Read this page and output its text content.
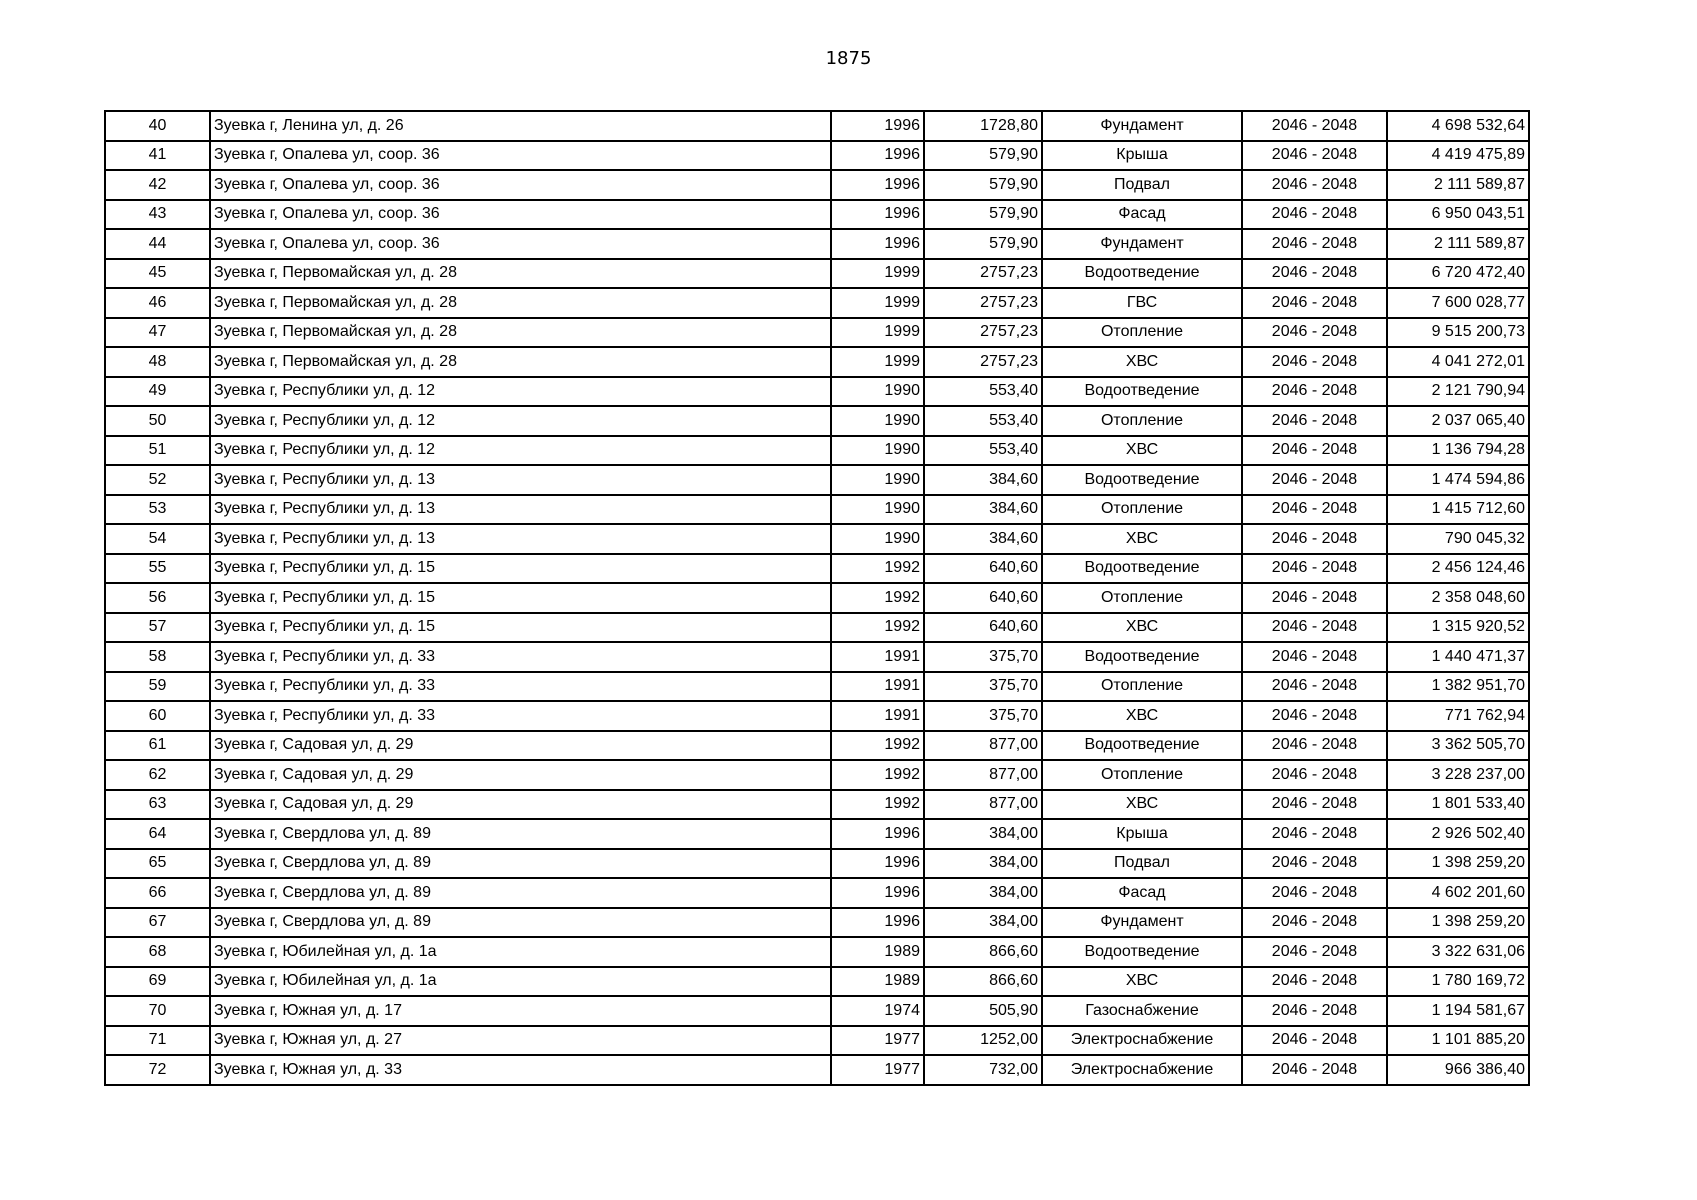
1875
40	Зуевка г, Ленина ул, д. 26	1996	1728,80	Фундамент	2046 - 2048	4 698 532,64
41	Зуевка г, Опалева ул, соор. 36	1996	579,90	Крыша	2046 - 2048	4 419 475,89
42	Зуевка г, Опалева ул, соор. 36	1996	579,90	Подвал	2046 - 2048	2 111 589,87
43	Зуевка г, Опалева ул, соор. 36	1996	579,90	Фасад	2046 - 2048	6 950 043,51
44	Зуевка г, Опалева ул, соор. 36	1996	579,90	Фундамент	2046 - 2048	2 111 589,87
45	Зуевка г, Первомайская ул, д. 28	1999	2757,23	Водоотведение	2046 - 2048	6 720 472,40
46	Зуевка г, Первомайская ул, д. 28	1999	2757,23	ГВС	2046 - 2048	7 600 028,77
47	Зуевка г, Первомайская ул, д. 28	1999	2757,23	Отопление	2046 - 2048	9 515 200,73
48	Зуевка г, Первомайская ул, д. 28	1999	2757,23	ХВС	2046 - 2048	4 041 272,01
49	Зуевка г, Республики ул, д. 12	1990	553,40	Водоотведение	2046 - 2048	2 121 790,94
50	Зуевка г, Республики ул, д. 12	1990	553,40	Отопление	2046 - 2048	2 037 065,40
51	Зуевка г, Республики ул, д. 12	1990	553,40	ХВС	2046 - 2048	1 136 794,28
52	Зуевка г, Республики ул, д. 13	1990	384,60	Водоотведение	2046 - 2048	1 474 594,86
53	Зуевка г, Республики ул, д. 13	1990	384,60	Отопление	2046 - 2048	1 415 712,60
54	Зуевка г, Республики ул, д. 13	1990	384,60	ХВС	2046 - 2048	790 045,32
55	Зуевка г, Республики ул, д. 15	1992	640,60	Водоотведение	2046 - 2048	2 456 124,46
56	Зуевка г, Республики ул, д. 15	1992	640,60	Отопление	2046 - 2048	2 358 048,60
57	Зуевка г, Республики ул, д. 15	1992	640,60	ХВС	2046 - 2048	1 315 920,52
58	Зуевка г, Республики ул, д. 33	1991	375,70	Водоотведение	2046 - 2048	1 440 471,37
59	Зуевка г, Республики ул, д. 33	1991	375,70	Отопление	2046 - 2048	1 382 951,70
60	Зуевка г, Республики ул, д. 33	1991	375,70	ХВС	2046 - 2048	771 762,94
61	Зуевка г, Садовая ул, д. 29	1992	877,00	Водоотведение	2046 - 2048	3 362 505,70
62	Зуевка г, Садовая ул, д. 29	1992	877,00	Отопление	2046 - 2048	3 228 237,00
63	Зуевка г, Садовая ул, д. 29	1992	877,00	ХВС	2046 - 2048	1 801 533,40
64	Зуевка г, Свердлова ул, д. 89	1996	384,00	Крыша	2046 - 2048	2 926 502,40
65	Зуевка г, Свердлова ул, д. 89	1996	384,00	Подвал	2046 - 2048	1 398 259,20
66	Зуевка г, Свердлова ул, д. 89	1996	384,00	Фасад	2046 - 2048	4 602 201,60
67	Зуевка г, Свердлова ул, д. 89	1996	384,00	Фундамент	2046 - 2048	1 398 259,20
68	Зуевка г, Юбилейная ул, д. 1а	1989	866,60	Водоотведение	2046 - 2048	3 322 631,06
69	Зуевка г, Юбилейная ул, д. 1а	1989	866,60	ХВС	2046 - 2048	1 780 169,72
70	Зуевка г, Южная ул, д. 17	1974	505,90	Газоснабжение	2046 - 2048	1 194 581,67
71	Зуевка г, Южная ул, д. 27	1977	1252,00	Электроснабжение	2046 - 2048	1 101 885,20
72	Зуевка г, Южная ул, д. 33	1977	732,00	Электроснабжение	2046 - 2048	966 386,40
